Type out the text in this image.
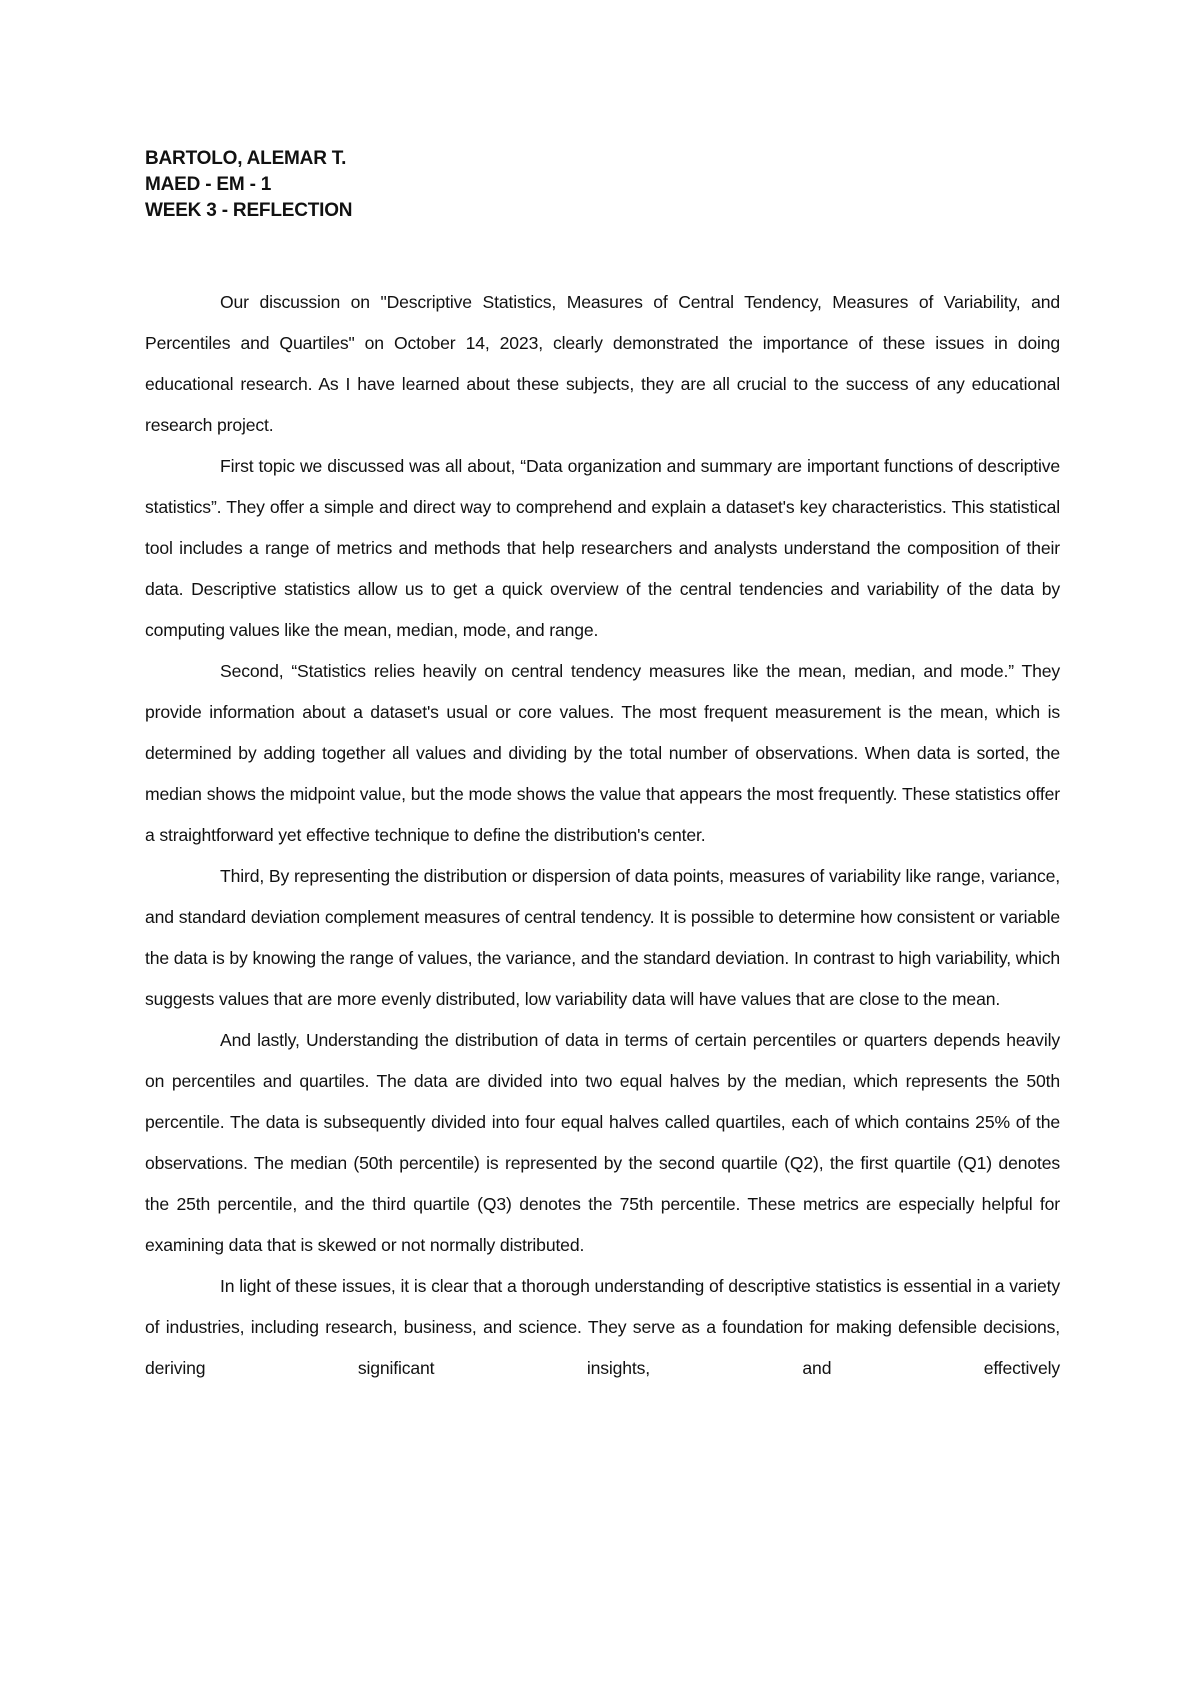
BARTOLO, ALEMAR T.
MAED - EM - 1
WEEK 3 - REFLECTION

Our discussion on "Descriptive Statistics, Measures of Central Tendency, Measures of Variability, and Percentiles and Quartiles" on October 14, 2023, clearly demonstrated the importance of these issues in doing educational research. As I have learned about these subjects, they are all crucial to the success of any educational research project.

First topic we discussed was all about, “Data organization and summary are important functions of descriptive statistics”. They offer a simple and direct way to comprehend and explain a dataset's key characteristics. This statistical tool includes a range of metrics and methods that help researchers and analysts understand the composition of their data. Descriptive statistics allow us to get a quick overview of the central tendencies and variability of the data by computing values like the mean, median, mode, and range.

Second, “Statistics relies heavily on central tendency measures like the mean, median, and mode.” They provide information about a dataset's usual or core values. The most frequent measurement is the mean, which is determined by adding together all values and dividing by the total number of observations. When data is sorted, the median shows the midpoint value, but the mode shows the value that appears the most frequently. These statistics offer a straightforward yet effective technique to define the distribution's center.

Third, By representing the distribution or dispersion of data points, measures of variability like range, variance, and standard deviation complement measures of central tendency. It is possible to determine how consistent or variable the data is by knowing the range of values, the variance, and the standard deviation. In contrast to high variability, which suggests values that are more evenly distributed, low variability data will have values that are close to the mean.

And lastly, Understanding the distribution of data in terms of certain percentiles or quarters depends heavily on percentiles and quartiles. The data are divided into two equal halves by the median, which represents the 50th percentile. The data is subsequently divided into four equal halves called quartiles, each of which contains 25% of the observations. The median (50th percentile) is represented by the second quartile (Q2), the first quartile (Q1) denotes the 25th percentile, and the third quartile (Q3) denotes the 75th percentile. These metrics are especially helpful for examining data that is skewed or not normally distributed.

In light of these issues, it is clear that a thorough understanding of descriptive statistics is essential in a variety of industries, including research, business, and science. They serve as a foundation for making defensible decisions, deriving significant insights, and effectively
